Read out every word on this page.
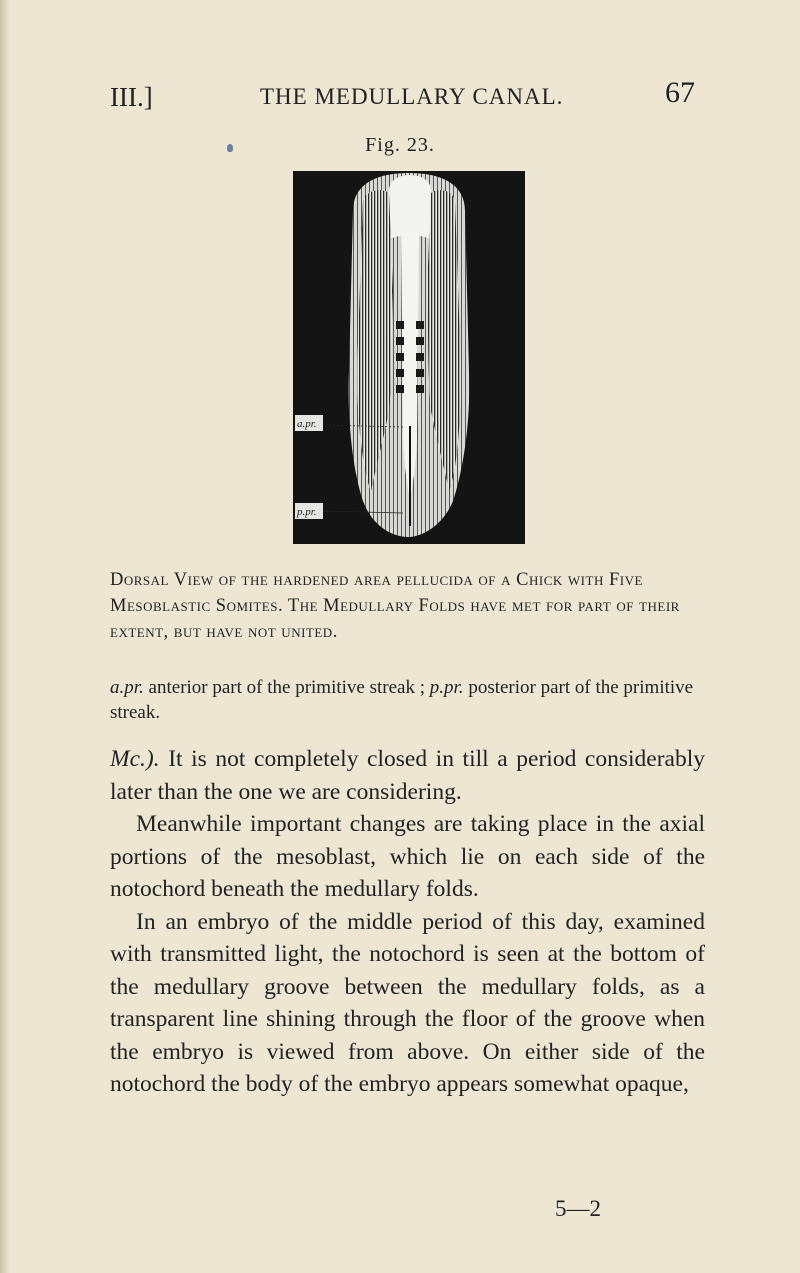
III.]	THE MEDULLARY CANAL.	67
Fig. 23.
a.pr.
p.pr.
Dorsal View of the hardened area pellucida of a Chick with Five Mesoblastic Somites. The Medullary Folds have met for part of their extent, but have not united.
a.pr. anterior part of the primitive streak ; p.pr. posterior part of the primitive streak.

Mc.). It is not completely closed in till a period considerably later than the one we are considering.

Meanwhile important changes are taking place in the axial portions of the mesoblast, which lie on each side of the notochord beneath the medullary folds.

In an embryo of the middle period of this day, examined with transmitted light, the notochord is seen at the bottom of the medullary groove between the medullary folds, as a transparent line shining through the floor of the groove when the embryo is viewed from above. On either side of the notochord the body of the embryo appears somewhat opaque,

5—2
